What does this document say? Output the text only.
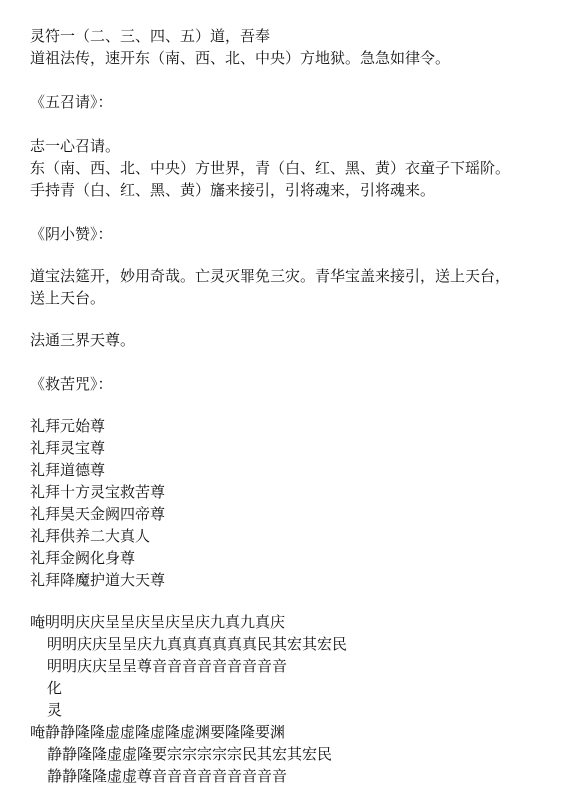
灵符一（二、三、四、五）道，吾奉
道祖法传，速开东（南、西、北、中央）方地狱。急急如律令。
《五召请》：
志一心召请。
东（南、西、北、中央）方世界，青（白、红、黑、黄）衣童子下瑶阶。
手持青（白、红、黑、黄）旛来接引，引将魂来，引将魂来。
《阴小赞》：
道宝法筵开，妙用奇哉。亡灵灭罪免三灾。青华宝盖来接引，送上天台，
送上天台。
法通三界天尊。
《救苦咒》：
礼拜元始尊
礼拜灵宝尊
礼拜道德尊
礼拜十方灵宝救苦尊
礼拜昊天金阙四帝尊
礼拜供养二大真人
礼拜金阙化身尊
礼拜降魔护道大天尊
唵明明庆庆呈呈庆呈庆呈庆九真九真庆
明明庆庆呈呈庆九真真真真真真民其宏其宏民
明明庆庆呈呈尊音音音音音音音音音
化
灵
唵静静隆隆虚虚隆虚隆虚渊要隆隆要渊
静静隆隆虚虚隆要宗宗宗宗宗民其宏其宏民
静静隆隆虚虚尊音音音音音音音音音
